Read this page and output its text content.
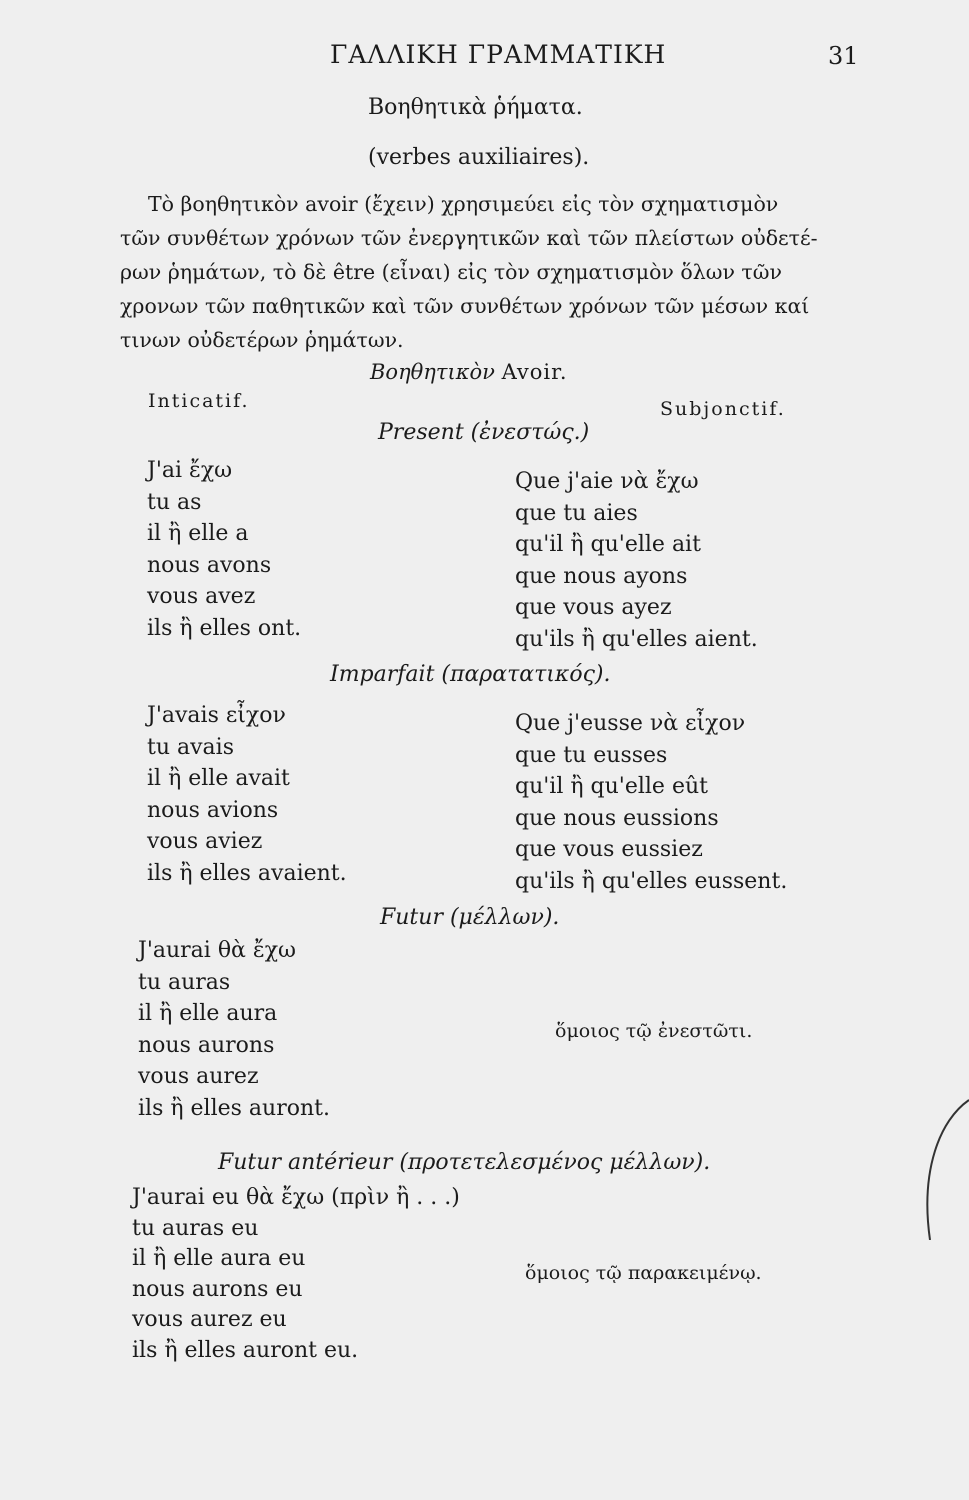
ΓΑΛΛΙΚΗ ΓΡΑΜΜΑΤΙΚΗ	31
Βοηθητικὰ ῥήματα.
(verbes auxiliaires).
Τὸ βοηθητικὸν avoir (ἔχειν) χρησιμεύει εἰς τὸν σχηματισμὸν
τῶν συνθέτων χρόνων τῶν ἐνεργητικῶν καὶ τῶν πλείστων οὐδετέ-
ρων ῥημάτων, τὸ δὲ être (εἶναι) εἰς τὸν σχηματισμὸν ὅλων τῶν
χρονων τῶν παθητικῶν καὶ τῶν συνθέτων χρόνων τῶν μέσων καί
τινων οὐδετέρων ῥημάτων.
Βοηθητικὸν Avoir.
Inticatif.	Subjonctif.
Present (ἐνεστώς.)
J'ai ἔχω
tu as
il ἢ elle a
nous avons
vous avez
ils ἢ elles ont.
Que j'aie νὰ ἔχω
que tu aies
qu'il ἢ qu'elle ait
que nous ayons
que vous ayez
qu'ils ἢ qu'elles aient.
Imparfait (παρατατικός).
J'avais εἶχον
tu avais
il ἢ elle avait
nous avions
vous aviez
ils ἢ elles avaient.
Que j'eusse νὰ εἶχον
que tu eusses
qu'il ἢ qu'elle eût
que nous eussions
que vous eussiez
qu'ils ἢ qu'elles eussent.
Futur (μέλλων).
J'aurai θὰ ἔχω
tu auras
il ἢ elle aura
nous aurons
vous aurez
ils ἢ elles auront.
ὅμοιος τῷ ἐνεστῶτι.
Futur antérieur (προτετελεσμένος μέλλων).
J'aurai eu θὰ ἔχω (πρὶν ἢ . . .)
tu auras eu
il ἢ elle aura eu
nous aurons eu
vous aurez eu
ils ἢ elles auront eu.
ὅμοιος τῷ παρακειμένῳ.
